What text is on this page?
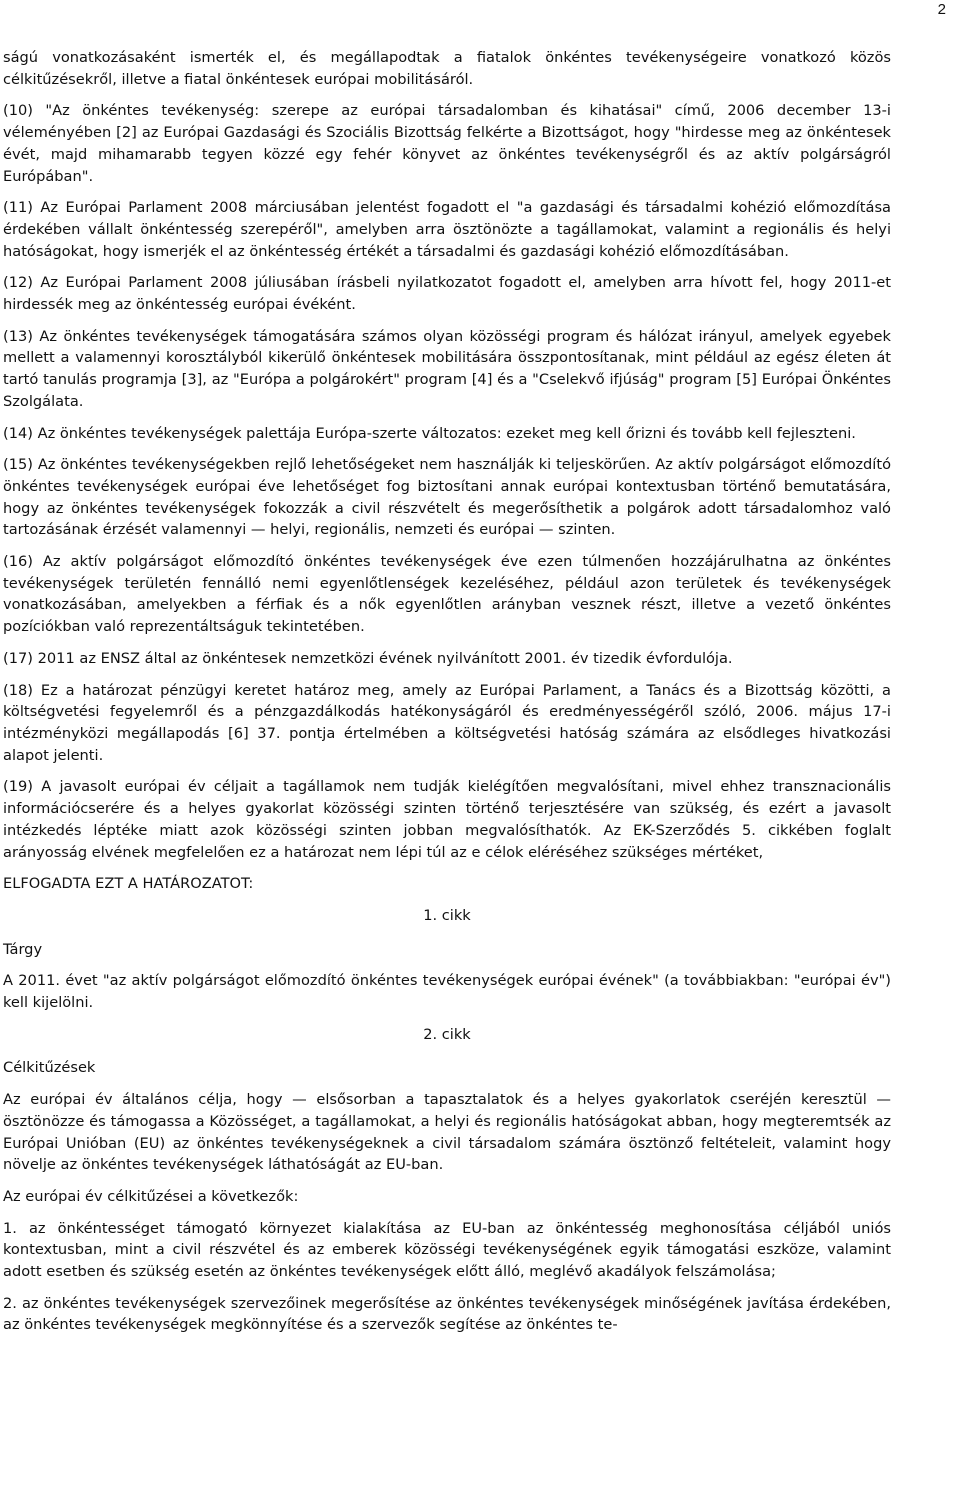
2

ságú vonatkozásaként ismerték el, és megállapodtak a fiatalok önkéntes tevékenységeire vonatkozó közös célkitűzésekről, illetve a fiatal önkéntesek európai mobilitásáról.

(10) "Az önkéntes tevékenység: szerepe az európai társadalomban és kihatásai" című, 2006 december 13-i véleményében [2] az Európai Gazdasági és Szociális Bizottság felkérte a Bizottságot, hogy "hirdesse meg az önkéntesek évét, majd mihamarabb tegyen közzé egy fehér könyvet az önkéntes tevékenységről és az aktív polgárságról Európában".

(11) Az Európai Parlament 2008 márciusában jelentést fogadott el "a gazdasági és társadalmi kohézió előmozdítása érdekében vállalt önkéntesség szerepéről", amelyben arra ösztönözte a tagállamokat, valamint a regionális és helyi hatóságokat, hogy ismerjék el az önkéntesség értékét a társadalmi és gazdasági kohézió előmozdításában.

(12) Az Európai Parlament 2008 júliusában írásbeli nyilatkozatot fogadott el, amelyben arra hívott fel, hogy 2011-et hirdessék meg az önkéntesség európai évéként.

(13) Az önkéntes tevékenységek támogatására számos olyan közösségi program és hálózat irányul, amelyek egyebek mellett a valamennyi korosztályból kikerülő önkéntesek mobilitására összpontosítanak, mint például az egész életen át tartó tanulás programja [3], az "Európa a polgárokért" program [4] és a "Cselekvő ifjúság" program [5] Európai Önkéntes Szolgálata.

(14) Az önkéntes tevékenységek palettája Európa-szerte változatos: ezeket meg kell őrizni és tovább kell fejleszteni.

(15) Az önkéntes tevékenységekben rejlő lehetőségeket nem használják ki teljeskörűen. Az aktív polgárságot előmozdító önkéntes tevékenységek európai éve lehetőséget fog biztosítani annak európai kontextusban történő bemutatására, hogy az önkéntes tevékenységek fokozzák a civil részvételt és megerősíthetik a polgárok adott társadalomhoz való tartozásának érzését valamennyi — helyi, regionális, nemzeti és európai — szinten.

(16) Az aktív polgárságot előmozdító önkéntes tevékenységek éve ezen túlmenően hozzájárulhatna az önkéntes tevékenységek területén fennálló nemi egyenlőtlenségek kezeléséhez, például azon területek és tevékenységek vonatkozásában, amelyekben a férfiak és a nők egyenlőtlen arányban vesznek részt, illetve a vezető önkéntes pozíciókban való reprezentáltságuk tekintetében.

(17) 2011 az ENSZ által az önkéntesek nemzetközi évének nyilvánított 2001. év tizedik évfordulója.

(18) Ez a határozat pénzügyi keretet határoz meg, amely az Európai Parlament, a Tanács és a Bizottság közötti, a költségvetési fegyelemről és a pénzgazdálkodás hatékonyságáról és eredményességéről szóló, 2006. május 17-i intézményközi megállapodás [6] 37. pontja értelmében a költségvetési hatóság számára az elsődleges hivatkozási alapot jelenti.

(19) A javasolt európai év céljait a tagállamok nem tudják kielégítően megvalósítani, mivel ehhez transznacionális információcserére és a helyes gyakorlat közösségi szinten történő terjesztésére van szükség, és ezért a javasolt intézkedés léptéke miatt azok közösségi szinten jobban megvalósíthatók. Az EK-Szerződés 5. cikkében foglalt arányosság elvének megfelelően ez a határozat nem lépi túl az e célok eléréséhez szükséges mértéket,

ELFOGADTA EZT A HATÁROZATOT:

1. cikk

Tárgy

A 2011. évet "az aktív polgárságot előmozdító önkéntes tevékenységek európai évének" (a továbbiakban: "európai év") kell kijelölni.

2. cikk

Célkitűzések

Az európai év általános célja, hogy — elsősorban a tapasztalatok és a helyes gyakorlatok cseréjén keresztül — ösztönözze és támogassa a Közösséget, a tagállamokat, a helyi és regionális hatóságokat abban, hogy megteremtsék az Európai Unióban (EU) az önkéntes tevékenységeknek a civil társadalom számára ösztönző feltételeit, valamint hogy növelje az önkéntes tevékenységek láthatóságát az EU-ban.

Az európai év célkitűzései a következők:

1. az önkéntességet támogató környezet kialakítása az EU-ban az önkéntesség meghonosítása céljából uniós kontextusban, mint a civil részvétel és az emberek közösségi tevékenységének egyik támogatási eszköze, valamint adott esetben és szükség esetén az önkéntes tevékenységek előtt álló, meglévő akadályok felszámolása;

2. az önkéntes tevékenységek szervezőinek megerősítése az önkéntes tevékenységek minőségének javítása érdekében, az önkéntes tevékenységek megkönnyítése és a szervezők segítése az önkéntes te-
